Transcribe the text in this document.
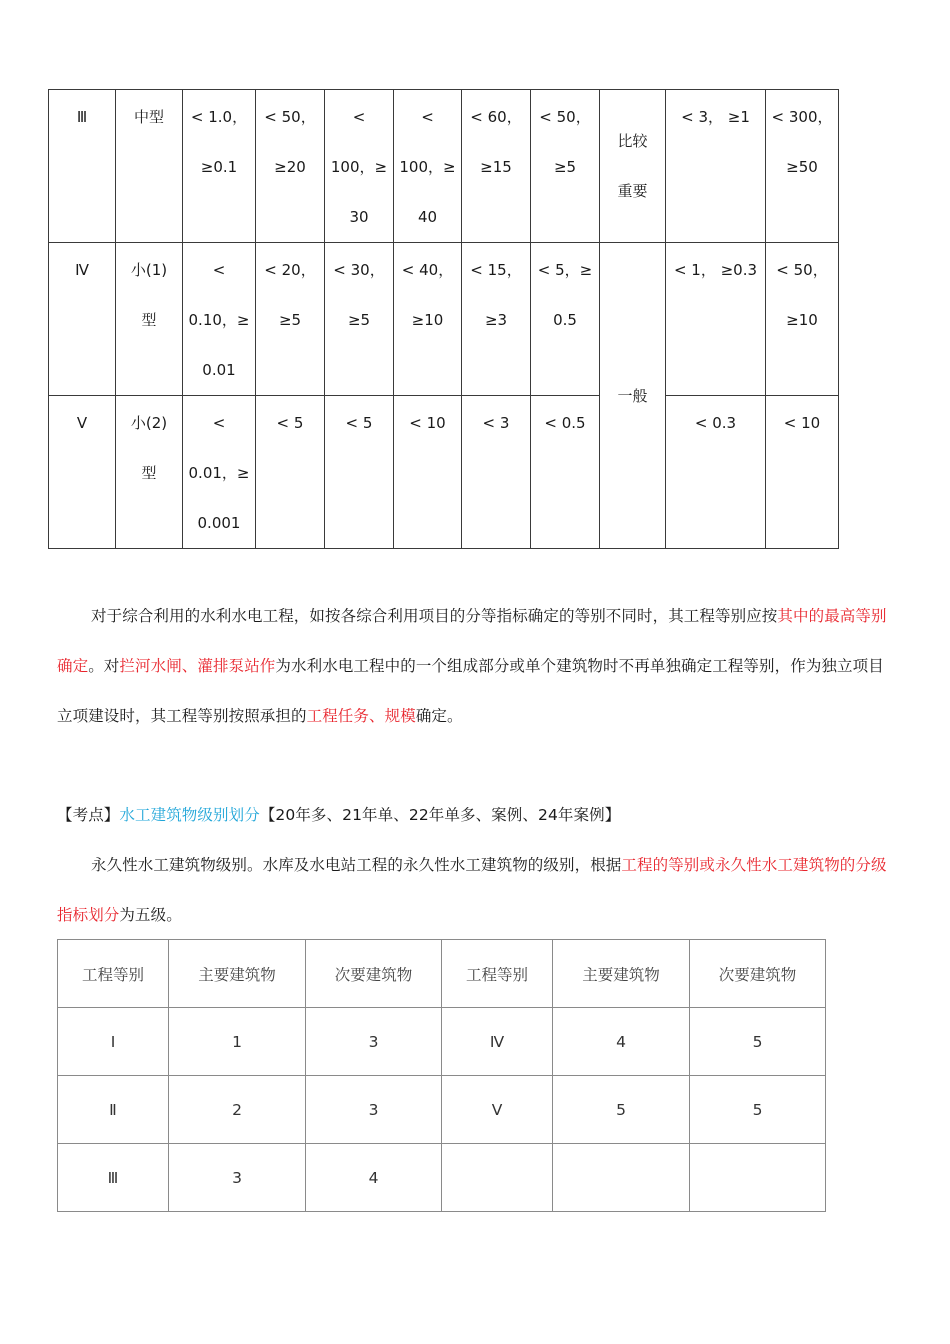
Ⅲ	中型	< 1.0，
≥0.1	< 50，
≥20	<
100，≥
30	<
100，≥
40	< 60，
≥15	< 50，
≥5	比较
重要	< 3， ≥1	< 300，
≥50

Ⅳ	小(1)
型	<
0.10，≥
0.01	< 20，
≥5	< 30，
≥5	< 40，
≥10	< 15，
≥3	< 5，≥
0.5	一般	< 1， ≥0.3	< 50，
≥10

Ⅴ	小(2)
型	<
0.01，≥
0.001	< 5	< 5	< 10	< 3	< 0.5		< 0.3	< 10
对于综合利用的水利水电工程，如按各综合利用项目的分等指标确定的等别不同时，其工程等别应按其中的最高等别确定。对拦河水闸、灌排泵站作为水利水电工程中的一个组成部分或单个建筑物时不再单独确定工程等别，作为独立项目立项建设时，其工程等别按照承担的工程任务、规模确定。
【考点】水工建筑物级别划分【20年多、21年单、22年单多、案例、24年案例】
永久性水工建筑物级别。水库及水电站工程的永久性水工建筑物的级别，根据工程的等别或永久性水工建筑物的分级指标划分为五级。
工程等别	主要建筑物	次要建筑物	工程等别	主要建筑物	次要建筑物
Ⅰ	1	3	Ⅳ	4	5
Ⅱ	2	3	Ⅴ	5	5
Ⅲ	3	4			
